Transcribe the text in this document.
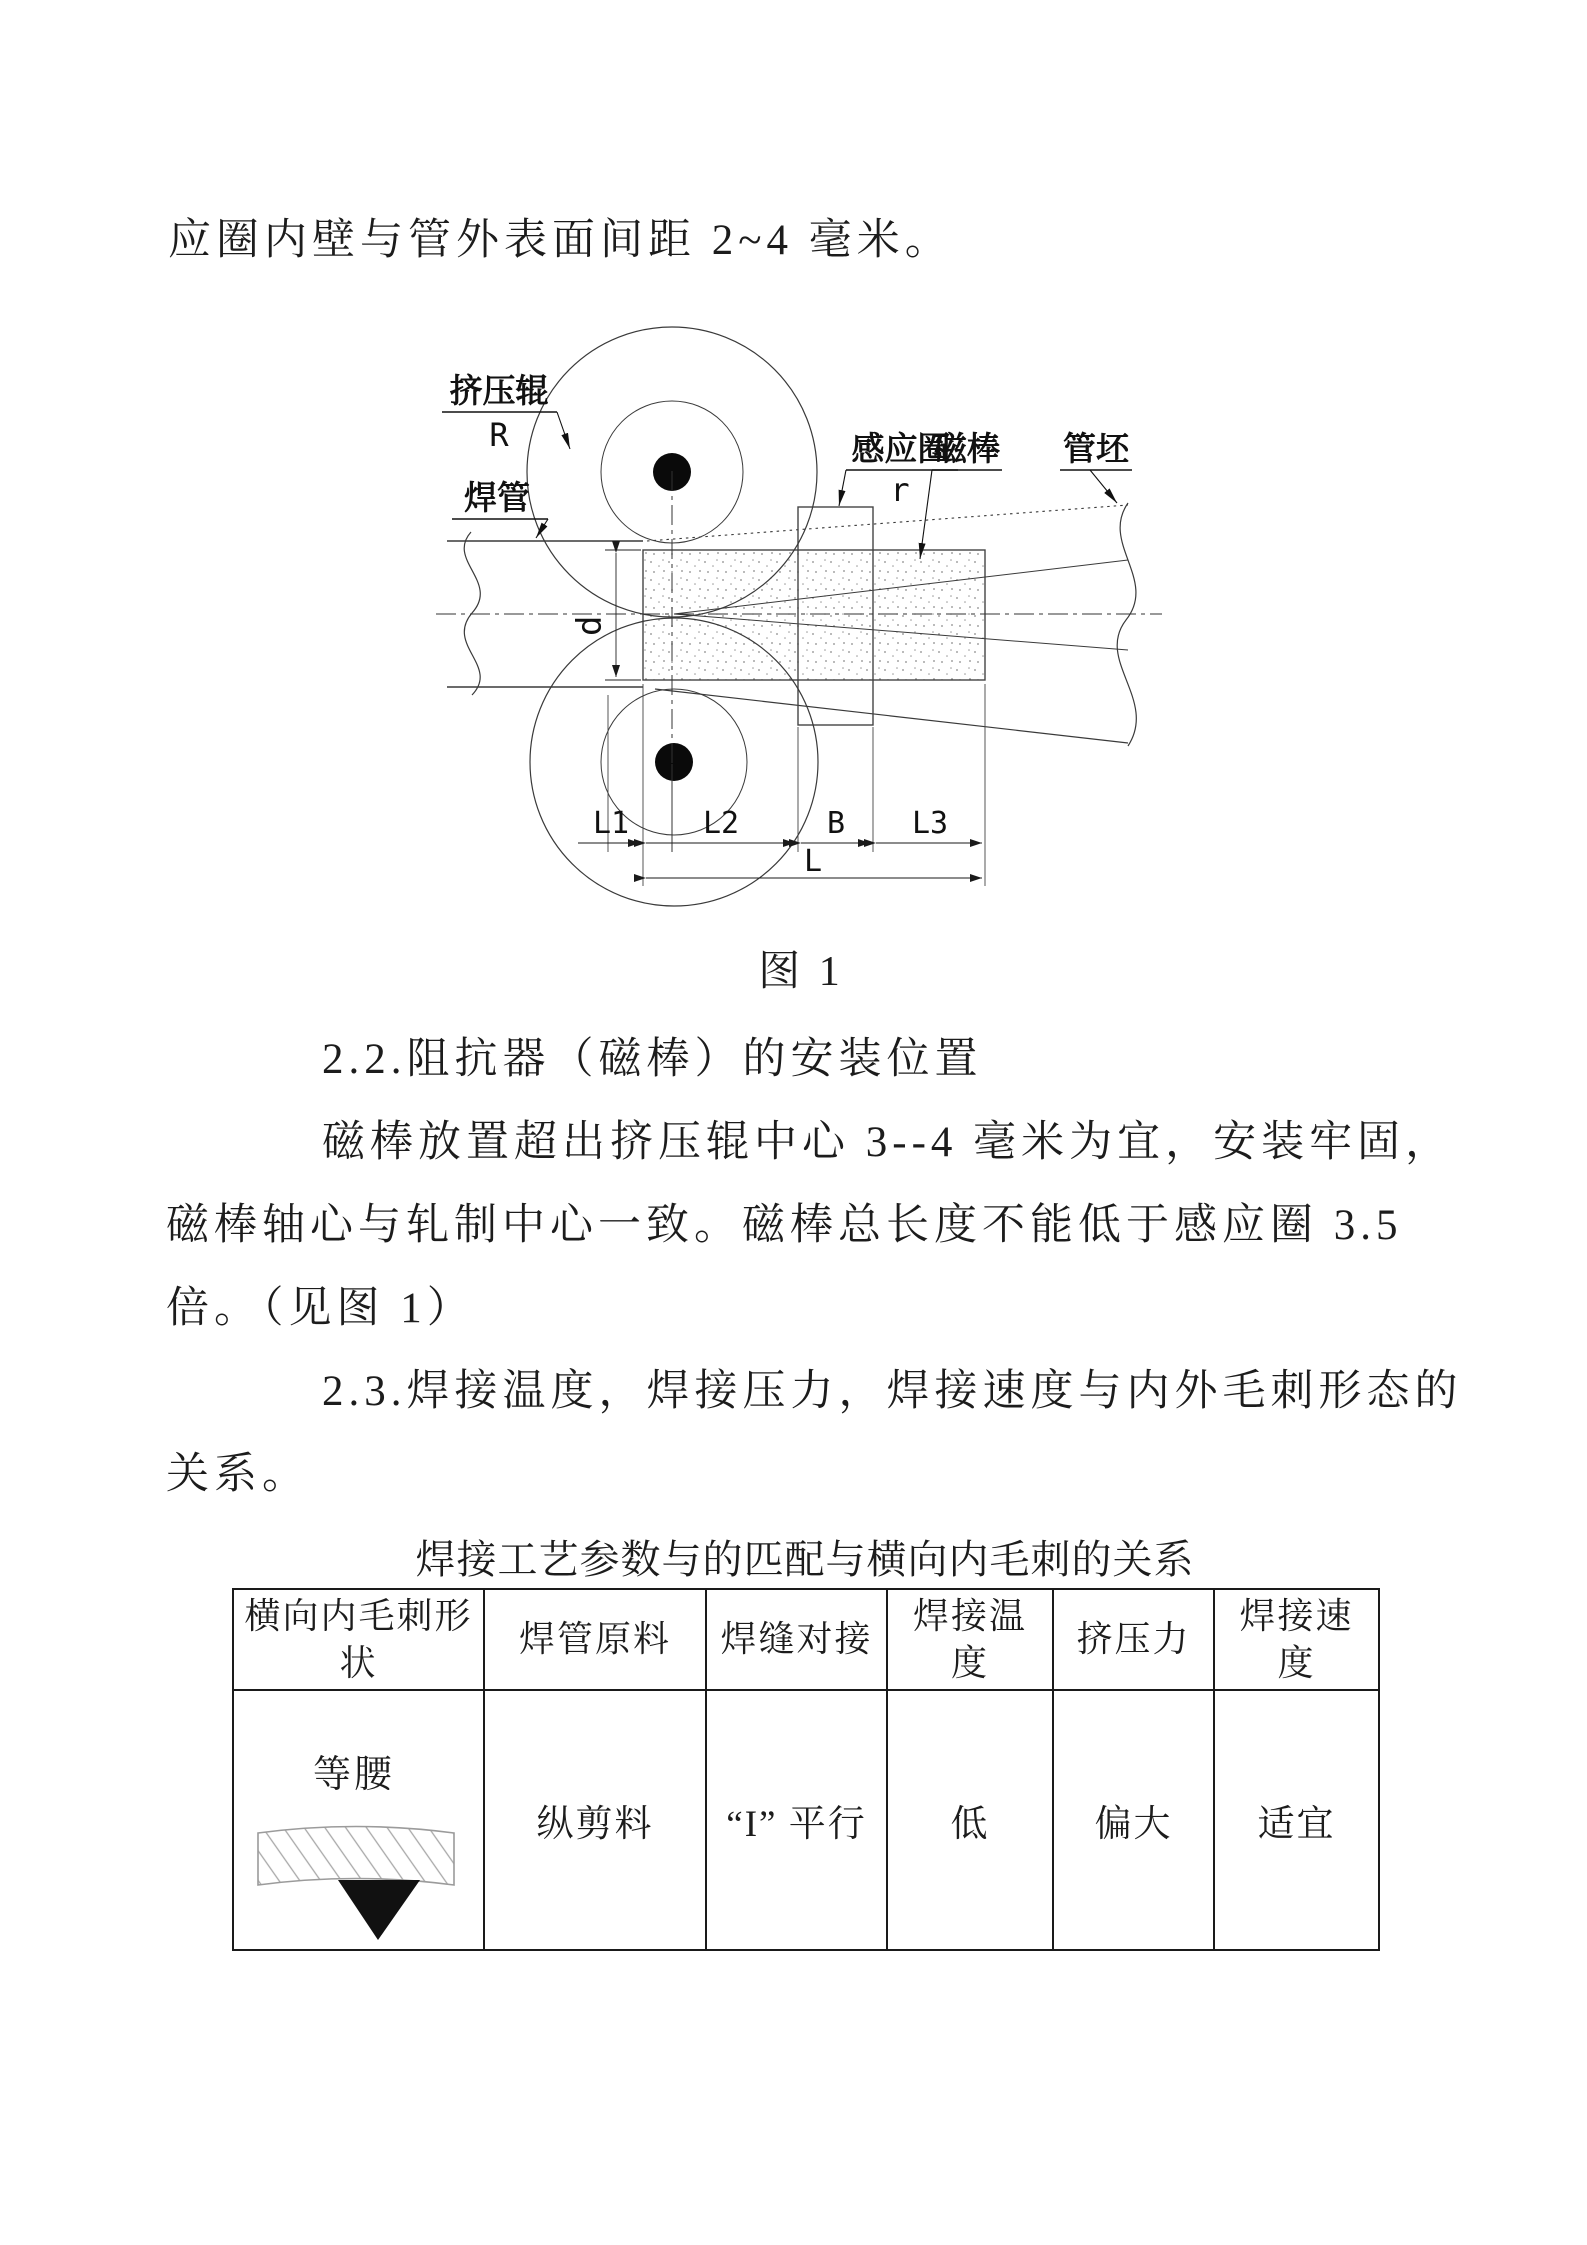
应圈内壁与管外表面间距 2~4 毫米。
d
L1 L2	B L3
L
挤压辊
R
焊管
感应圈
r
磁棒 管坯
图 1
2.2.阻抗器（磁棒）的安装位置
磁棒放置超出挤压辊中心 3--4 毫米为宜，安装牢固，
磁棒轴心与轧制中心一致。磁棒总长度不能低于感应圈 3.5
倍。（见图 1）
2.3.焊接温度，焊接压力，焊接速度与内外毛刺形态的
关系。
焊接工艺参数与的匹配与横向内毛刺的关系
横向内毛刺形状	焊管原料	焊缝对接	焊接温度	挤压力	焊接速度

等腰	纵剪料	“I” 平行	低	偏大	适宜
